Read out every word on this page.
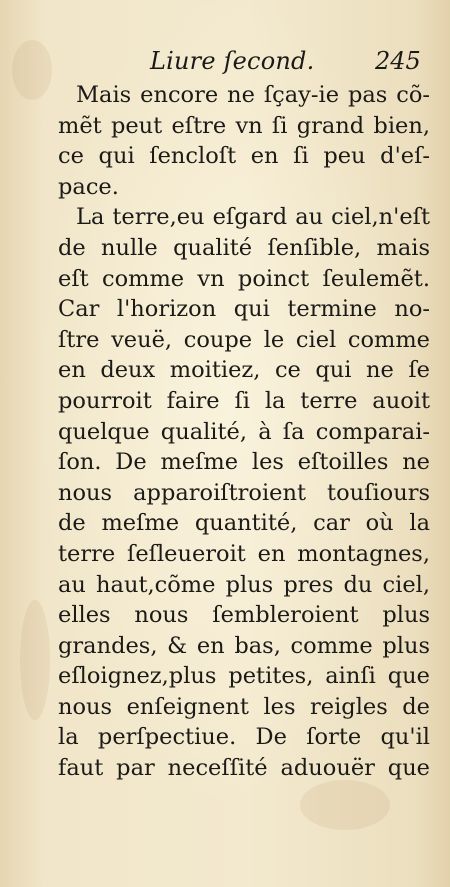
Liure ſecond.	245
Mais encore ne ſçay-ie pas cõ-
mẽt peut eſtre vn ſi grand bien,
ce qui ſencloſt en ſi peu d'eſ-
pace.
La terre,eu eſgard au ciel,n'eſt
de nulle qualité ſenſible, mais
eſt comme vn poinct ſeulemẽt.
Car l'horizon qui termine no-
ſtre veuë, coupe le ciel comme
en deux moitiez, ce qui ne ſe
pourroit faire ſi la terre auoit
quelque qualité, à ſa comparai-
ſon. De meſme les eſtoilles ne
nous apparoiſtroient touſiours
de meſme quantité, car où la
terre ſeſleueroit en montagnes,
au haut,cõme plus pres du ciel,
elles nous ſembleroient plus
grandes, & en bas, comme plus
eſloignez,plus petites, ainſi que
nous enſeignent les reigles de
la perſpectiue. De ſorte qu'il
faut par neceſſité aduouër que
